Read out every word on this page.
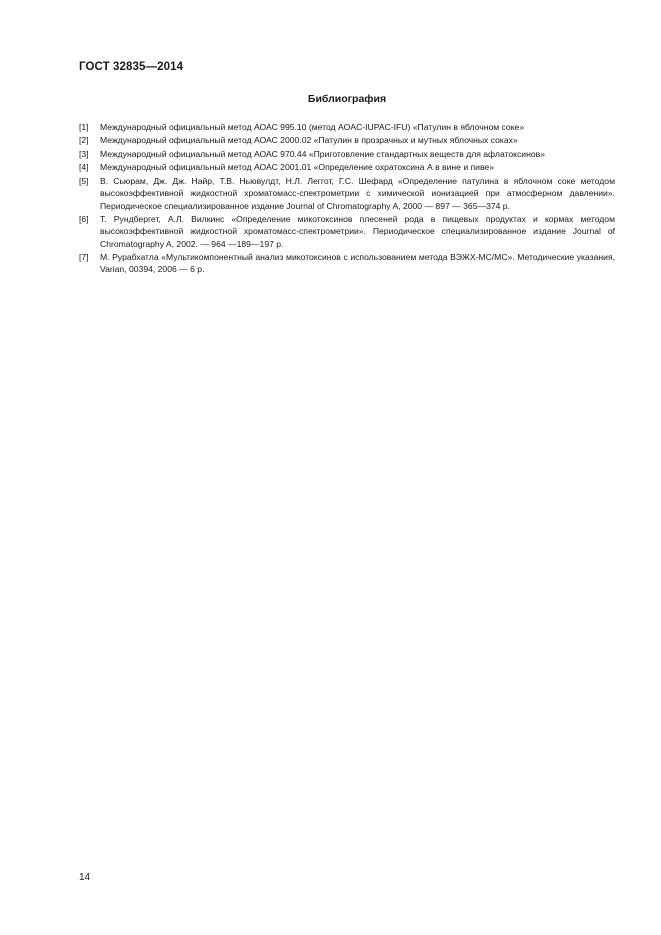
ГОСТ 32835—2014
Библиография
[1]	Международный официальный метод АОАС 995.10 (метод AOAC-IUPAC-IFU) «Патулин в яблочном соке»
[2]	Международный официальный метод АОАС 2000.02 «Патулин в прозрачных и мутных яблочных соках»
[3]	Международный официальный метод АОАС 970.44 «Приготовление стандартных веществ для афлатоксинов»
[4]	Международный официальный метод АОАС 2001.01 «Определение охратоксина А в вине и пиве»
[5]	В. Сьюрам, Дж. Дж. Найр, Т.В. Ньювулдт, Н.Л. Леггот, Г.С. Шефард «Определение патулина в яблочном соке методом высокоэффективной жидкостной хроматомасс-спектрометрии с химической ионизацией при атмосферном давлении». Периодическое специализированное издание Journal of Chromatography A, 2000 — 897 — 365—374 р.
[6]	Т. Рундбергет, А.Л. Вилкинс «Определение микотоксинов плесеней рода в пищевых продуктах и кормах методом высокоэффективной жидкостной хроматомасс-спектрометрии». Периодическое специализированное издание Journal of Chromatography A, 2002. — 964 —189—197 р.
[7]	М. Рурабхатла «Мультикомпонентный анализ микотоксинов с использованием метода ВЭЖХ-МС/МС». Методические указания, Varian, 00394, 2006 — 6 р.
14
